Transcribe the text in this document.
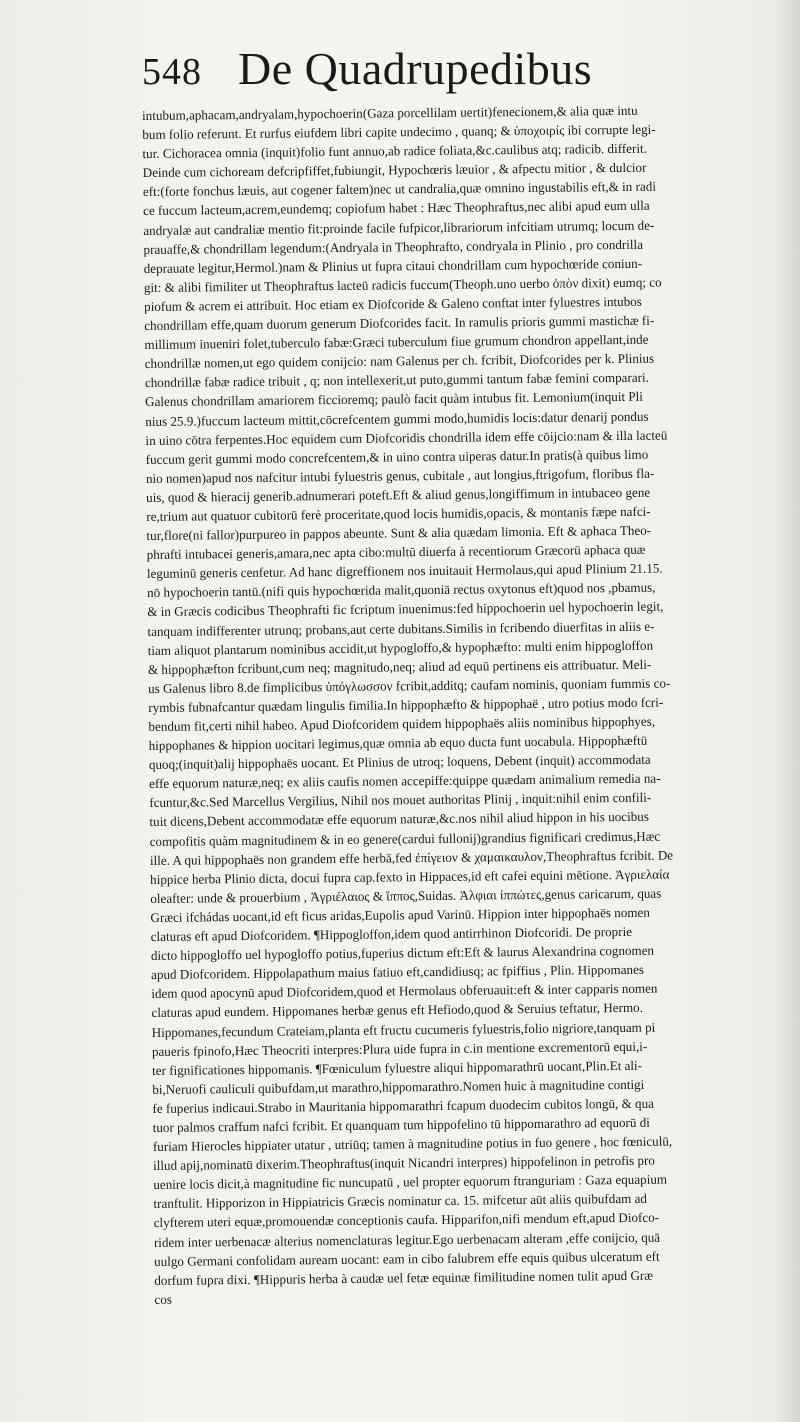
548 De Quadrupedibus
intubum,aphacam,andryalam,hypochoerin(Gaza porcellilam uertit)fenecionem,& alia quæ intu
bum folio referunt. Et rurfus eiufdem libri capite undecimo , quanq; & ὑποχοιρίς ibi corrupte legi-
tur. Cichoracea omnia (inquit)folio funt annuo,ab radice foliata,&c.caulibus atq; radicib. differit.
Deinde cum cichoream defcripfiffet,fubiungit, Hypochœris læuior , & afpectu mitior , & dulcior
eft:(forte fonchus læuis, aut cogener faltem)nec ut candralia,quæ omnino ingustabilis eft,& in radi
ce fuccum lacteum,acrem,eundemq; copiofum habet : Hæc Theophraftus,nec alibi apud eum ulla
andryalæ aut candraliæ mentio fit:proinde facile fufpicor,librariorum infcitiam utrumq; locum de-
prauaffe,& chondrillam legendum:(Andryala in Theophrafto, condryala in Plinio , pro condrilla
deprauate legitur,Hermol.)nam & Plinius ut fupra citaui chondrillam cum hypochœride coniun-
git: & alibi fimiliter ut Theophraftus lacteū radicis fuccum(Theoph.uno uerbo ὀπὸν dixit) eumq; co
piofum & acrem ei attribuit. Hoc etiam ex Diofcoride & Galeno conftat inter fyluestres intubos
chondrillam effe,quam duorum generum Diofcorides facit. In ramulis prioris gummi mastichæ fi-
millimum inueniri folet,tuberculo fabæ:Græci tuberculum fiue grumum chondron appellant,inde
chondrillæ nomen,ut ego quidem conijcio: nam Galenus per ch. fcribit, Diofcorides per k. Plinius
chondrillæ fabæ radice tribuit , q; non intellexerit,ut puto,gummi tantum fabæ femini comparari.
Galenus chondrillam amariorem ficcioremq; paulò facit quàm intubus fit. Lemonium(inquit Pli
nius 25.9.)fuccum lacteum mittit,cōcrefcentem gummi modo,humidis locis:datur denarij pondus
in uino cōtra ferpentes.Hoc equidem cum Diofcoridis chondrilla idem effe cōijcio:nam & illa lacteū
fuccum gerit gummi modo concrefcentem,& in uino contra uiperas datur.In pratis(à quibus limo
nio nomen)apud nos nafcitur intubi fyluestris genus, cubitale , aut longius,ftrigofum, floribus fla-
uis, quod & hieracij generib.adnumerari poteft.Eft & aliud genus,longiffimum in intubaceo gene
re,trium aut quatuor cubitorū ferè proceritate,quod locis humidis,opacis, & montanis fæpe nafci-
tur,flore(ni fallor)purpureo in pappos abeunte. Sunt & alia quædam limonia. Eft & aphaca Theo-
phrafti intubacei generis,amara,nec apta cibo:multū diuerfa à recentiorum Græcorū aphaca quæ
leguminū generis cenfetur. Ad hanc digreffionem nos inuitauit Hermolaus,qui apud Plinium 21.15.
nō hypochoerin tantū.(nifi quis hypochœrida malit,quoniā rectus oxytonus eft)quod nos ,pbamus,
& in Græcis codicibus Theophrafti fic fcriptum inuenimus:fed hippochoerin uel hypochoerin legit,
tanquam indifferenter utrunq; probans,aut certe dubitans.Similis in fcribendo diuerfitas in aliis e-
tiam aliquot plantarum nominibus accidit,ut hypogloffo,& hypophæfto: multi enim hippogloffon
& hippophæfton fcribunt,cum neq; magnitudo,neq; aliud ad equū pertinens eis attribuatur. Meli-
us Galenus libro 8.de fimplicibus ὑπόγλωσσον fcribit,additq; caufam nominis, quoniam fummis co-
rymbis fubnafcantur quædam lingulis fimilia.In hippophæfto & hippophaë , utro potius modo fcri-
bendum fit,certi nihil habeo. Apud Diofcoridem quidem hippophaës aliis nominibus hippophyes,
hippophanes & hippion uocitari legimus,quæ omnia ab equo ducta funt uocabula. Hippophæftū
quoq;(inquit)alij hippophaës uocant. Et Plinius de utroq; loquens, Debent (inquit) accommodata
effe equorum naturæ,neq; ex aliis caufis nomen accepiffe:quippe quædam animalium remedia na-
fcuntur,&c.Sed Marcellus Vergilius, Nihil nos mouet authoritas Plinij , inquit:nihil enim confili-
tuit dicens,Debent accommodatæ effe equorum naturæ,&c.nos nihil aliud hippon in his uocibus
compofitis quàm magnitudinem & in eo genere(cardui fullonij)grandius fignificari credimus,Hæc
ille. A qui hippophaës non grandem effe herbā,fed ἐπίγειον & χαμαικαυλον,Theophraftus fcribit. De
hippice herba Plinio dicta, docui fupra cap.fexto in Hippaces,id eft cafei equini mētione. Ἀγριελαία
oleafter: unde & prouerbium , Ἀγριέλαιος & ἵππος,Suidas. Ἀλφιαι ἰππώτες,genus caricarum, quas
Græci ifchádas uocant,id eft ficus aridas,Eupolis apud Varinū. Hippion inter hippophaës nomen
claturas eft apud Diofcoridem. ¶Hippogloffon,idem quod antirrhinon Diofcoridi. De proprie
dicto hippogloffo uel hypogloffo potius,fuperius dictum eft:Eft & laurus Alexandrina cognomen
apud Diofcoridem. Hippolapathum maius fatiuo eft,candidiusq; ac fpiffius , Plin. Hippomanes
idem quod apocynū apud Diofcoridem,quod et Hermolaus obferuauit:eft & inter capparis nomen
claturas apud eundem. Hippomanes herbæ genus eft Hefiodo,quod & Seruius teftatur, Hermo.
Hippomanes,fecundum Crateiam,planta eft fructu cucumeris fyluestris,folio nigriore,tanquam pi
paueris fpinofo,Hæc Theocriti interpres:Plura uide fupra in c.in mentione excrementorū equi,i-
ter fignificationes hippomanis. ¶Fœniculum fyluestre aliqui hippomarathrū uocant,Plin.Et ali-
bi,Neruofi cauliculi quibufdam,ut marathro,hippomarathro.Nomen huic à magnitudine contigi
fe fuperius indicaui.Strabo in Mauritania hippomarathri fcapum duodecim cubitos longū, & qua
tuor palmos craffum nafci fcribit. Et quanquam tum hippofelino tū hippomarathro ad equorū di
furiam Hierocles hippiater utatur , utriūq; tamen à magnitudine potius in fuo genere , hoc fœniculū,
illud apij,nominatū dixerim.Theophraftus(inquit Nicandri interpres) hippofelinon in petrofis pro
uenire locis dicit,à magnitudine fic nuncupatū , uel propter equorum ftranguriam : Gaza equapium
tranftulit. Hipporizon in Hippiatricis Græcis nominatur ca. 15. mifcetur aūt aliis quibufdam ad
clyfterem uteri equæ,promouendæ conceptionis caufa. Hipparifon,nifi mendum eft,apud Diofco-
ridem inter uerbenacæ alterius nomenclaturas legitur.Ego uerbenacam alteram ,effe conijcio, quā
uulgo Germani confolidam auream uocant: eam in cibo falubrem effe equis quibus ulceratum eft
dorfum fupra dixi. ¶Hippuris herba à caudæ uel fetæ equinæ fimilitudine nomen tulit apud Græ
cos
